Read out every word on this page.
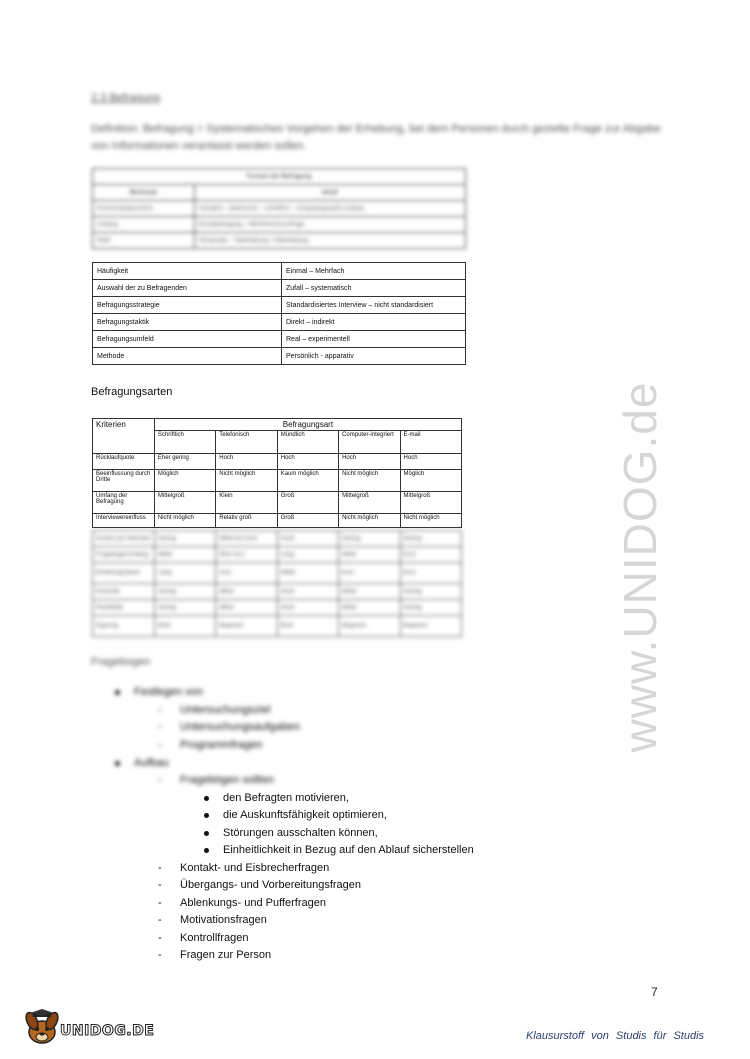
2.3 Befragung
Definition: Befragung = Systematisches Vorgehen der Erhebung, bei dem Personen durch gezielte Frage zur Abgabe von Informationen veranlasst werden sollen.
Formen der Befragung	
Merkmale	Inhalt
Kommunikationsform	mündlich – telefonisch – schriftlich – computergestützt (online)
Umfang	Einzelbefragung – Mehrthemenumfrage
Wahl	Stichprobe – Teilerhebung / Vollerhebung
Häufigkeit	Einmal – Mehrfach
Auswahl der zu Befragenden	Zufall – systematisch
Befragungsstrategie	Standardisiertes Interview – nicht standardisiert
Befragungstaktik	Direkt – indirekt
Befragungsumfeld	Real – experimentell
Methode	Persönlich - apparativ
Befragungsarten
Kriterien	Befragungsart				
	Schriftlich	Telefonisch	Mündlich	Computer-integriert	E-mail
Rücklaufquote	Eher gering	Hoch	Hoch	Hoch	Hoch
Beeinflussung durch Dritte	Möglich	Nicht möglich	Kaum möglich	Nicht möglich	Möglich
Umfang der Befragung	Mittelgroß	Klein	Groß	Mittelgroß	Mittelgroß
Interviewereinfluss	Nicht möglich	Relativ groß	Groß	Nicht möglich	Nicht möglich
Kosten pro Interview	Gering	Mittel bis hoch	Hoch	Gering	Gering
Fragebogenumfang	Mittel	Eher kurz	Lang	Mittel	Kurz
Erhebungsdauer	Lang	Kurz	Mittel	Kurz	Kurz
Kontrolle	Gering	Mittel	Hoch	Mittel	Gering
Flexibilität	Gering	Mittel	Hoch	Mittel	Gering
Eignung	Breit	Begrenzt	Breit	Begrenzt	Begrenzt
Fragebogen
Festlegen von
- Untersuchungsziel
- Untersuchungsaufgaben
- Programmfragen
Aufbau
- Fragebögen sollten
den Befragten motivieren,
die Auskunftsfähigkeit optimieren,
Störungen ausschalten können,
Einheitlichkeit in Bezug auf den Ablauf sicherstellen
- Kontakt- und Eisbrecherfragen
- Übergangs- und Vorbereitungsfragen
- Ablenkungs- und Pufferfragen
- Motivationsfragen
- Kontrollfragen
- Fragen zur Person
www.UNIDOG.de
7
UNIDOG.DE	Klausurstoff von Studis für Studis
